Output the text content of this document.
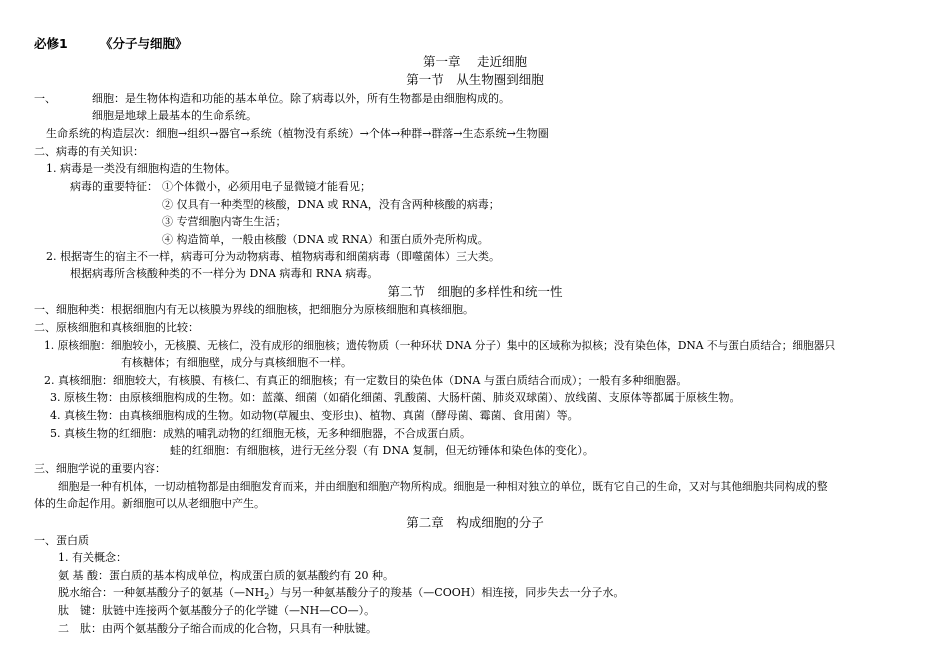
必修1	《分子与细胞》
第一章　 走近细胞
第一节　从生物圈到细胞
一、	细胞：是生物体构造和功能的基本单位。除了病毒以外，所有生物都是由细胞构成的。
细胞是地球上最基本的生命系统。
生命系统的构造层次：细胞→组织→器官→系统（植物没有系统）→个体→种群→群落→生态系统→生物圈
二、病毒的有关知识：
1. 病毒是一类没有细胞构造的生物体。
病毒的重要特征： ①个体微小，必须用电子显微镜才能看见；
② 仅具有一种类型的核酸，DNA 或 RNA，没有含两种核酸的病毒；
③ 专营细胞内寄生生活；
④ 构造简单，一般由核酸（DNA 或 RNA）和蛋白质外壳所构成。
2. 根据寄生的宿主不一样，病毒可分为动物病毒、植物病毒和细菌病毒（即噬菌体）三大类。
根据病毒所含核酸种类的不一样分为 DNA 病毒和 RNA 病毒。
第二节　细胞的多样性和统一性
一、细胞种类：根据细胞内有无以核膜为界线的细胞核，把细胞分为原核细胞和真核细胞。
二、原核细胞和真核细胞的比较：
1. 原核细胞：细胞较小，无核膜、无核仁，没有成形的细胞核；遗传物质（一种环状 DNA 分子）集中的区域称为拟核；没有染色体，DNA 不与蛋白质结合；细胞器只
有核糖体；有细胞壁，成分与真核细胞不一样。
2. 真核细胞：细胞较大，有核膜、有核仁、有真正的细胞核；有一定数目的染色体（DNA 与蛋白质结合而成）；一般有多种细胞器。
3. 原核生物：由原核细胞构成的生物。如：蓝藻、细菌（如硝化细菌、乳酸菌、大肠杆菌、肺炎双球菌）、放线菌、支原体等都属于原核生物。
4. 真核生物：由真核细胞构成的生物。如动物(草履虫、变形虫)、植物、真菌（酵母菌、霉菌、食用菌）等。
5. 真核生物的红细胞：成熟的哺乳动物的红细胞无核，无多种细胞器，不合成蛋白质。
蛙的红细胞：有细胞核，进行无丝分裂（有 DNA 复制，但无纺锤体和染色体的变化）。
三、细胞学说的重要内容：
细胞是一种有机体，一切动植物都是由细胞发育而来，并由细胞和细胞产物所构成。细胞是一种相对独立的单位，既有它自己的生命，又对与其他细胞共同构成的整
体的生命起作用。新细胞可以从老细胞中产生。
第二章　构成细胞的分子
一、蛋白质
1. 有关概念：
氨 基 酸：蛋白质的基本构成单位，构成蛋白质的氨基酸约有 20 种。
脱水缩合：一种氨基酸分子的氨基$(—NH_2)$与另一种氨基酸分子的羧基（—COOH）相连接，同步失去一分子水。
肽　键：肽链中连接两个氨基酸分子的化学键（—NH—CO—）。
二　肽：由两个氨基酸分子缩合而成的化合物，只具有一种肽键。
